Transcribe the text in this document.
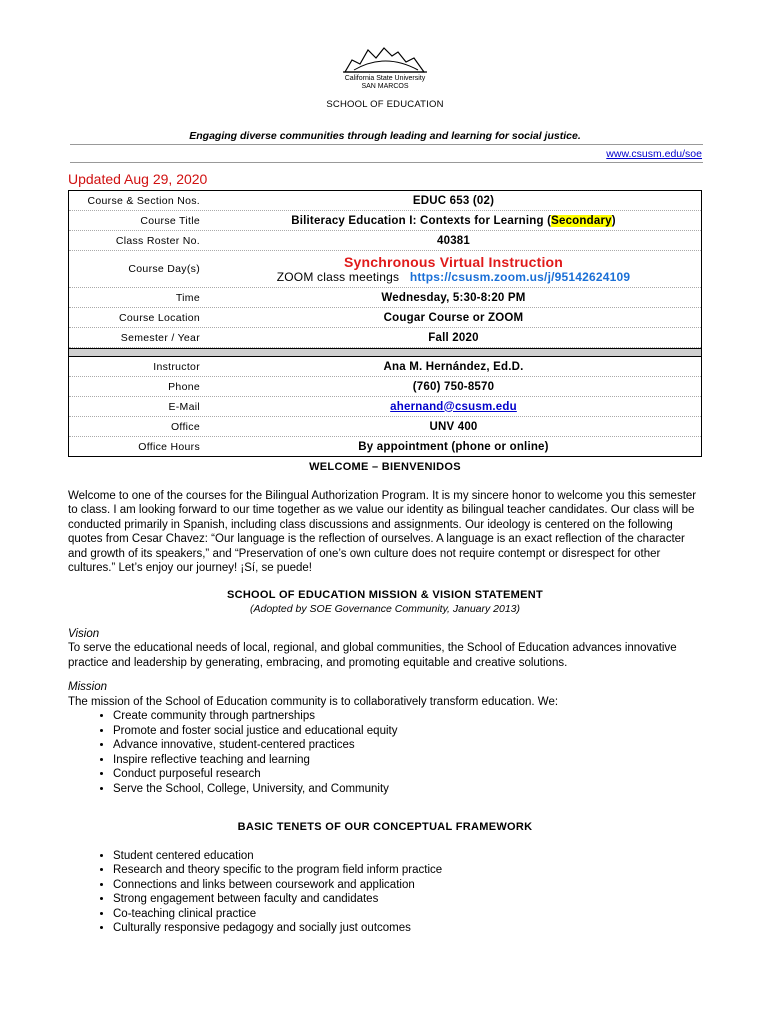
California State University
SAN MARCOS
SCHOOL OF EDUCATION
Engaging diverse communities through leading and learning for social justice.
www.csusm.edu/soe
Updated Aug 29, 2020
Course & Section Nos.	EDUC 653 (02)
Course Title	Biliteracy Education I: Contexts for Learning (Secondary)
Class Roster No.	40381
Course Day(s)	Synchronous Virtual Instruction
ZOOM class meetings https://csusm.zoom.us/j/95142624109
Time	Wednesday, 5:30-8:20 PM
Course Location	Cougar Course or ZOOM
Semester / Year	Fall 2020
Instructor	Ana M. Hernández, Ed.D.
Phone	(760) 750-8570
E-Mail	ahernand@csusm.edu
Office	UNV 400
Office Hours	By appointment (phone or online)
WELCOME – BIENVENIDOS

Welcome to one of the courses for the Bilingual Authorization Program. It is my sincere honor to welcome you this semester to class. I am looking forward to our time together as we value our identity as bilingual teacher candidates. Our class will be conducted primarily in Spanish, including class discussions and assignments. Our ideology is centered on the following quotes from Cesar Chavez: “Our language is the reflection of ourselves. A language is an exact reflection of the character and growth of its speakers,” and “Preservation of one’s own culture does not require contempt or disrespect for other cultures.” Let’s enjoy our journey! ¡Sí, se puede!

SCHOOL OF EDUCATION MISSION & VISION STATEMENT
(Adopted by SOE Governance Community, January 2013)

Vision

To serve the educational needs of local, regional, and global communities, the School of Education advances innovative practice and leadership by generating, embracing, and promoting equitable and creative solutions.

Mission

The mission of the School of Education community is to collaboratively transform education. We:

• Create community through partnerships
• Promote and foster social justice and educational equity
• Advance innovative, student-centered practices
• Inspire reflective teaching and learning
• Conduct purposeful research
• Serve the School, College, University, and Community
BASIC TENETS OF OUR CONCEPTUAL FRAMEWORK
• Student centered education
• Research and theory specific to the program field inform practice
• Connections and links between coursework and application
• Strong engagement between faculty and candidates
• Co-teaching clinical practice
• Culturally responsive pedagogy and socially just outcomes
